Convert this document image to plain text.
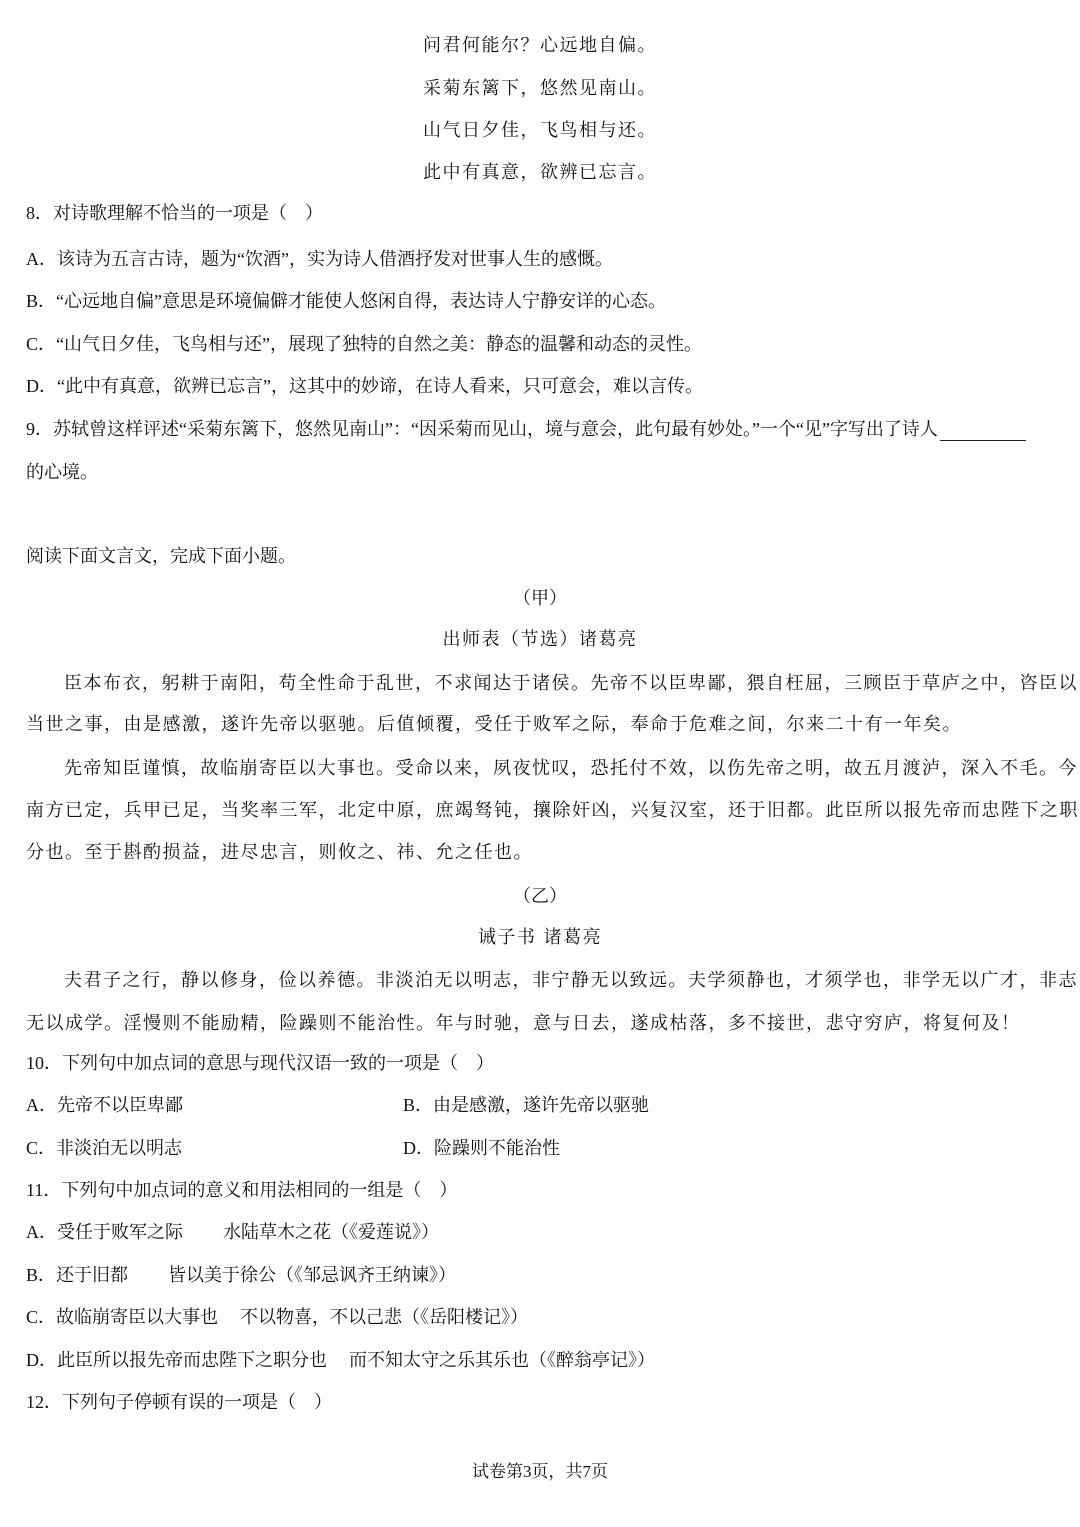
问君何能尔？心远地自偏。
采菊东篱下，悠然见南山。
山气日夕佳，飞鸟相与还。
此中有真意，欲辨已忘言。
8．对诗歌理解不恰当的一项是（　）
A．该诗为五言古诗，题为“饮酒”，实为诗人借酒抒发对世事人生的感慨。
B．“心远地自偏”意思是环境偏僻才能使人悠闲自得，表达诗人宁静安详的心态。
C．“山气日夕佳，飞鸟相与还”，展现了独特的自然之美：静态的温馨和动态的灵性。
D．“此中有真意，欲辨已忘言”，这其中的妙谛，在诗人看来，只可意会，难以言传。
9．苏轼曾这样评述“采菊东篱下，悠然见南山”：“因采菊而见山，境与意会，此句最有妙处。”一个“见”字写出了诗人
的心境。
阅读下面文言文，完成下面小题。
（甲）
出师表（节选）诸葛亮
臣本布衣，躬耕于南阳，苟全性命于乱世，不求闻达于诸侯。先帝不以臣卑鄙，猥自枉屈，三顾臣于草庐之中，咨臣以
当世之事，由是感激，遂许先帝以驱驰。后值倾覆，受任于败军之际，奉命于危难之间，尔来二十有一年矣。
先帝知臣谨慎，故临崩寄臣以大事也。受命以来，夙夜忧叹，恐托付不效，以伤先帝之明，故五月渡泸，深入不毛。今
南方已定，兵甲已足，当奖率三军，北定中原，庶竭驽钝，攘除奸凶，兴复汉室，还于旧都。此臣所以报先帝而忠陛下之职
分也。至于斟酌损益，进尽忠言，则攸之、祎、允之任也。
（乙）
诫子书 诸葛亮
夫君子之行，静以修身，俭以养德。非淡泊无以明志，非宁静无以致远。夫学须静也，才须学也，非学无以广才，非志
无以成学。淫慢则不能励精，险躁则不能治性。年与时驰，意与日去，遂成枯落，多不接世，悲守穷庐，将复何及！
10．下列句中加点词的意思与现代汉语一致的一项是（　）
A．先帝不以臣卑鄙	B．由是感激，遂许先帝以驱驰
C．非淡泊无以明志	D．险躁则不能治性
11．下列句中加点词的意义和用法相同的一组是（　）
A．受任于败军之际 水陆草木之花（《爱莲说》）
B．还于旧都 皆以美于徐公（《邹忌讽齐王纳谏》）
C．故临崩寄臣以大事也 不以物喜，不以己悲（《岳阳楼记》）
D．此臣所以报先帝而忠陛下之职分也 而不知太守之乐其乐也（《醉翁亭记》）
12．下列句子停顿有误的一项是（　）
试卷第3页，共7页
